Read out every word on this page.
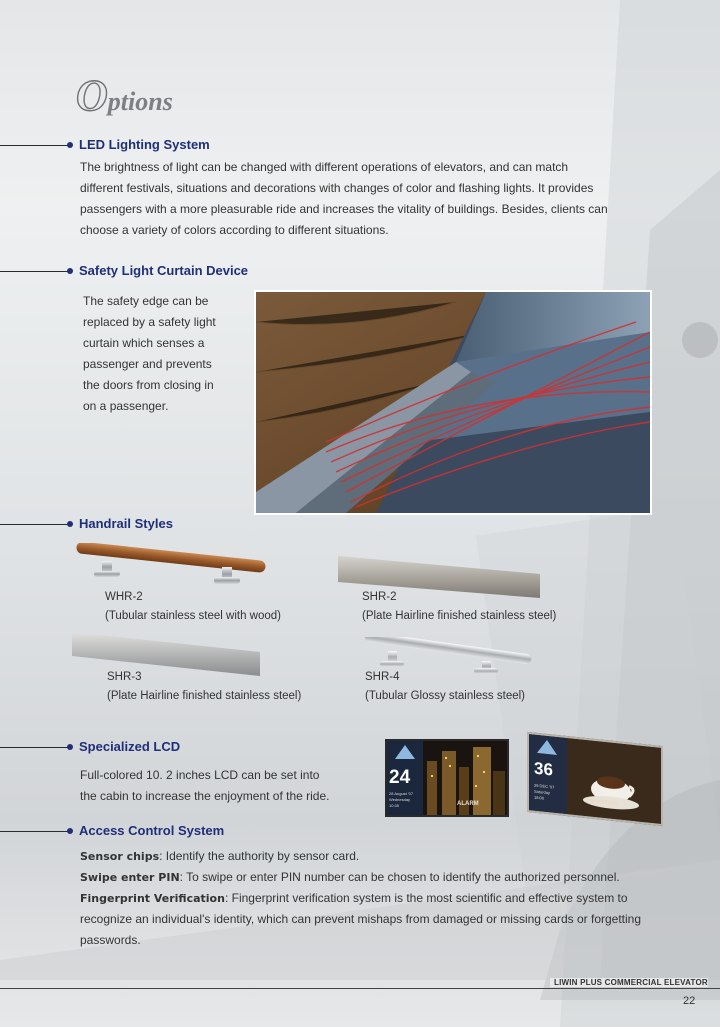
Options
LED Lighting System
The brightness of light can be changed with different operations of elevators, and can match
different festivals, situations and decorations with changes of color and flashing lights. It provides
passengers with a more pleasurable ride and increases the vitality of buildings. Besides, clients can
choose a variety of colors according to different situations.
Safety Light Curtain Device
The safety edge can be
replaced by a safety light
curtain which senses a
passenger and prevents
the doors from closing in
on a passenger.
Handrail Styles
WHR-2
(Tubular stainless steel with wood)
SHR-2
(Plate Hairline finished stainless steel)
SHR-3
(Plate Hairline finished stainless steel)
SHR-4
(Tubular Glossy stainless steel)
Specialized LCD
Full-colored 10. 2 inches LCD can be set into
the cabin to increase the enjoyment of the ride.
24
28 August '07
Wednesday
10:35	ALARM
36
29 DEC '07
Saturday
18:00
MAINTAIN
Access Control System
Sensor chips: Identify the authority by sensor card.
Swipe enter PIN: To swipe or enter PIN number can be chosen to identify the authorized personnel.
Fingerprint Verification: Fingerprint verification system is the most scientific and effective system to
recognize an individual's identity, which can prevent mishaps from damaged or missing cards or forgetting
passwords.
LIWIN PLUS COMMERCIAL ELEVATOR
22
